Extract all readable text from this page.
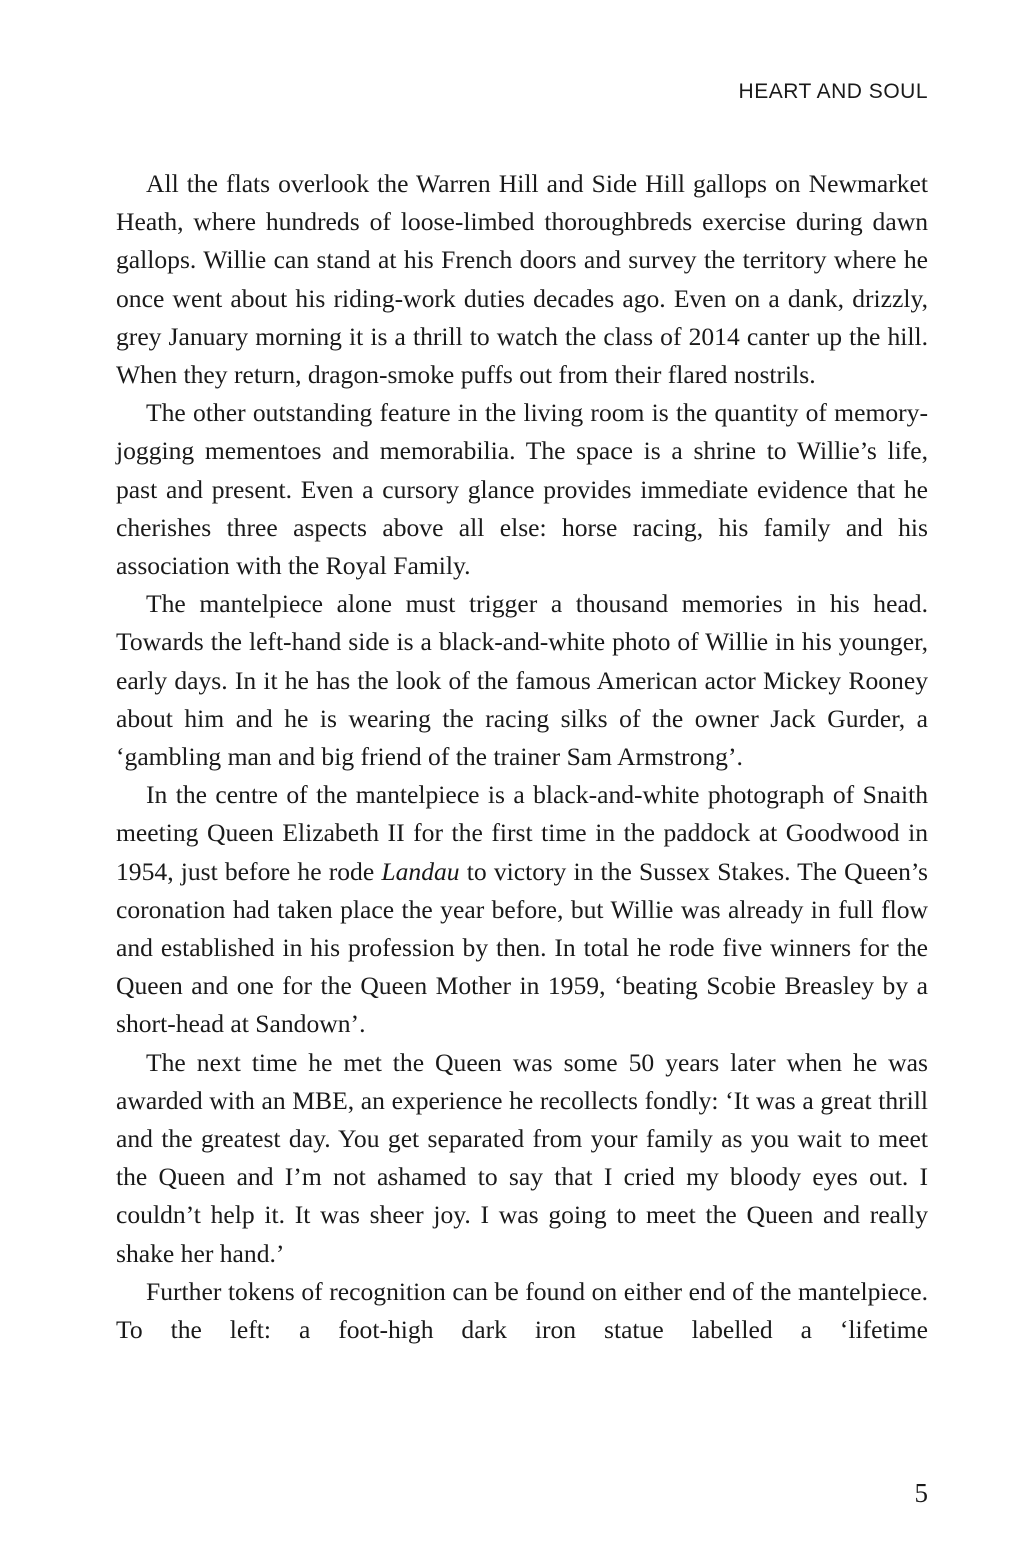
HEART AND SOUL

All the flats overlook the Warren Hill and Side Hill gallops on Newmarket Heath, where hundreds of loose-limbed thoroughbreds exercise during dawn gallops. Willie can stand at his French doors and survey the territory where he once went about his riding-work duties decades ago. Even on a dank, drizzly, grey January morning it is a thrill to watch the class of 2014 canter up the hill. When they return, dragon-smoke puffs out from their flared nostrils.

The other outstanding feature in the living room is the quantity of memory-jogging mementoes and memorabilia. The space is a shrine to Willie’s life, past and present. Even a cursory glance provides immediate evidence that he cherishes three aspects above all else: horse racing, his family and his association with the Royal Family.

The mantelpiece alone must trigger a thousand memories in his head. Towards the left-hand side is a black-and-white photo of Willie in his younger, early days. In it he has the look of the famous American actor Mickey Rooney about him and he is wearing the racing silks of the owner Jack Gurder, a ‘gambling man and big friend of the trainer Sam Armstrong’.

In the centre of the mantelpiece is a black-and-white photograph of Snaith meeting Queen Elizabeth II for the first time in the paddock at Goodwood in 1954, just before he rode Landau to victory in the Sussex Stakes. The Queen’s coronation had taken place the year before, but Willie was already in full flow and established in his profession by then. In total he rode five winners for the Queen and one for the Queen Mother in 1959, ‘beating Scobie Breasley by a short-head at Sandown’.

The next time he met the Queen was some 50 years later when he was awarded with an MBE, an experience he recollects fondly: ‘It was a great thrill and the greatest day. You get separated from your family as you wait to meet the Queen and I’m not ashamed to say that I cried my bloody eyes out. I couldn’t help it. It was sheer joy. I was going to meet the Queen and really shake her hand.’

Further tokens of recognition can be found on either end of the mantelpiece. To the left: a foot-high dark iron statue labelled a ‘lifetime

5
